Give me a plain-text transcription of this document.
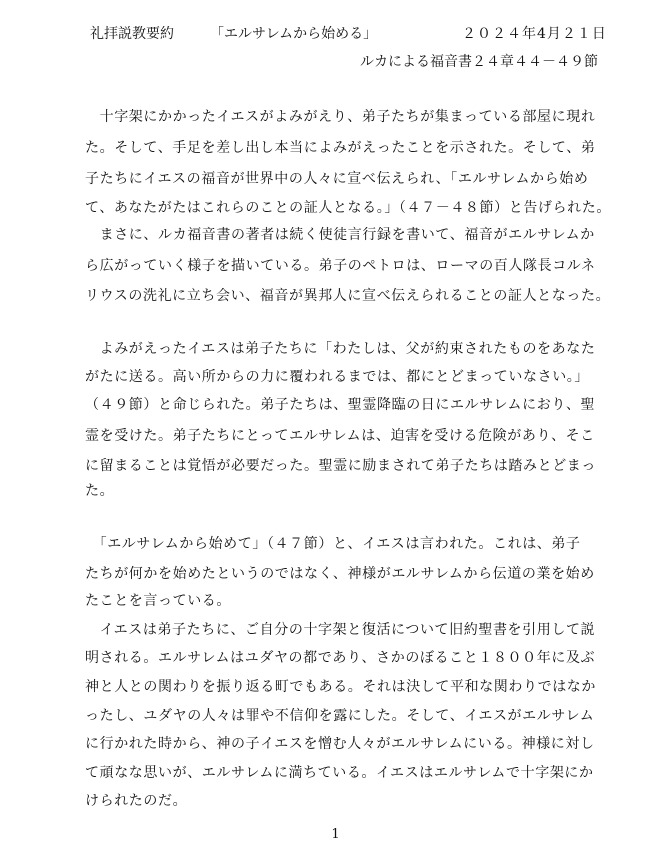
礼拝説教要約	「エルサレムから始める」	２０２４年4月２１日
ルカによる福音書２４章４４－４９節
　十字架にかかったイエスがよみがえり、弟子たちが集まっている部屋に現れ
た。そして、手足を差し出し本当によみがえったことを示された。そして、弟
子たちにイエスの福音が世界中の人々に宣べ伝えられ、「エルサレムから始め
て、あなたがたはこれらのことの証人となる。」（４７－４８節）と告げられた。
　まさに、ルカ福音書の著者は続く使徒言行録を書いて、福音がエルサレムか
ら広がっていく様子を描いている。弟子のペトロは、ローマの百人隊長コルネ
リウスの洗礼に立ち会い、福音が異邦人に宣べ伝えられることの証人となった。
　よみがえったイエスは弟子たちに「わたしは、父が約束されたものをあなた
がたに送る。高い所からの力に覆われるまでは、都にとどまっていなさい。」
（４９節）と命じられた。弟子たちは、聖霊降臨の日にエルサレムにおり、聖
霊を受けた。弟子たちにとってエルサレムは、迫害を受ける危険があり、そこ
に留まることは覚悟が必要だった。聖霊に励まされて弟子たちは踏みとどまっ
た。
　「エルサレムから始めて」（４７節）と、イエスは言われた。これは、弟子
たちが何かを始めたというのではなく、神様がエルサレムから伝道の業を始め
たことを言っている。
　イエスは弟子たちに、ご自分の十字架と復活について旧約聖書を引用して説
明される。エルサレムはユダヤの都であり、さかのぼること１８００年に及ぶ
神と人との関わりを振り返る町でもある。それは決して平和な関わりではなか
ったし、ユダヤの人々は罪や不信仰を露にした。そして、イエスがエルサレム
に行かれた時から、神の子イエスを憎む人々がエルサレムにいる。神様に対し
て頑なな思いが、エルサレムに満ちている。イエスはエルサレムで十字架にか
けられたのだ。
1
